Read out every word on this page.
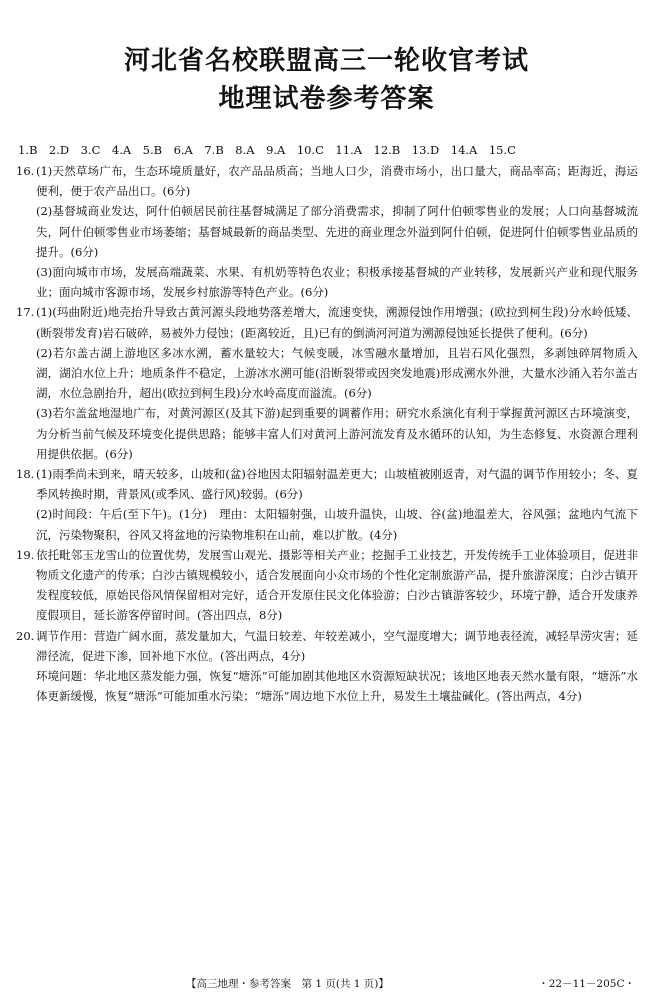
河北省名校联盟高三一轮收官考试
地理试卷参考答案
1.B　2.D　3.C　4.A　5.B　6.A　7.B　8.A　9.A　10.C　11.A　12.B　13.D　14.A　15.C
16. (1)天然草场广布，生态环境质量好，农产品品质高；当地人口少，消费市场小，出口量大，商品率高；距海近，海运便利，便于农产品出口。(6分)

(2)基督城商业发达，阿什伯顿居民前往基督城满足了部分消费需求，抑制了阿什伯顿零售业的发展；人口向基督城流失，阿什伯顿零售业市场萎缩；基督城最新的商品类型、先进的商业理念外溢到阿什伯顿，促进阿什伯顿零售业品质的提升。(6分)

(3)面向城市市场，发展高端蔬菜、水果、有机奶等特色农业；积极承接基督城的产业转移，发展新兴产业和现代服务业；面向城市客源市场，发展乡村旅游等特色产业。(6分)

17. (1)(玛曲附近)地壳抬升导致古黄河源头段地势落差增大，流速变快，溯源侵蚀作用增强；(欧拉到柯生段)分水岭低矮、(断裂带发育)岩石破碎，易被外力侵蚀；(距离较近，且)已有的倒淌河河道为溯源侵蚀延长提供了便利。(6分)

(2)若尔盖古湖上游地区多冰水溯，蓄水量较大；气候变暖，冰雪融水量增加，且岩石风化强烈，多剥蚀碎屑物质入湖，湖泊水位上升；地质条件不稳定，上游冰水溯可能(沿断裂带或因突发地震)形成溯水外泄，大量水沙涌入若尔盖古湖，水位急剧抬升，超出(欧拉到柯生段)分水岭高度而溢流。(6分)

(3)若尔盖盆地湿地广布，对黄河源区(及其下游)起到重要的调蓄作用；研究水系演化有利于掌握黄河源区古环境演变，为分析当前气候及环境变化提供思路；能够丰富人们对黄河上游河流发育及水循环的认知，为生态修复、水资源合理利用提供依据。(6分)

18. (1)雨季尚未到来，晴天较多，山坡和(盆)谷地因太阳辐射温差更大；山坡植被刚返青，对气温的调节作用较小；冬、夏季风转换时期，背景风(或季风、盛行风)较弱。(6分)

(2)时间段：午后(至下午)。(1分)　理由：太阳辐射强，山坡升温快，山坡、谷(盆)地温差大，谷风强；盆地内气流下沉，污染物聚积，谷风又将盆地的污染物堆积在山前，难以扩散。(4分)

19. 依托毗邻玉龙雪山的位置优势，发展雪山观光、摄影等相关产业；挖掘手工业技艺，开发传统手工业体验项目，促进非物质文化遗产的传承；白沙古镇规模较小，适合发展面向小众市场的个性化定制旅游产品，提升旅游深度；白沙古镇开发程度较低，原始民俗风情保留相对完好，适合开发原住民文化体验游；白沙古镇游客较少，环境宁静，适合开发康养度假项目，延长游客停留时间。(答出四点，8分)

20. 调节作用：营造广阔水面，蒸发量加大，气温日较差、年较差减小，空气湿度增大；调节地表径流，减轻旱涝灾害；延滞径流，促进下渗，回补地下水位。(答出两点，4分)

环境问题：华北地区蒸发能力强，恢复“塘泺”可能加剧其他地区水资源短缺状况；该地区地表天然水量有限，“塘泺”水体更新缓慢，恢复“塘泺”可能加重水污染；“塘泺”周边地下水位上升，易发生土壤盐碱化。(答出两点，4分)

【高三地理・参考答案　第 1 页(共 1 页)】	・22－11－205C・
